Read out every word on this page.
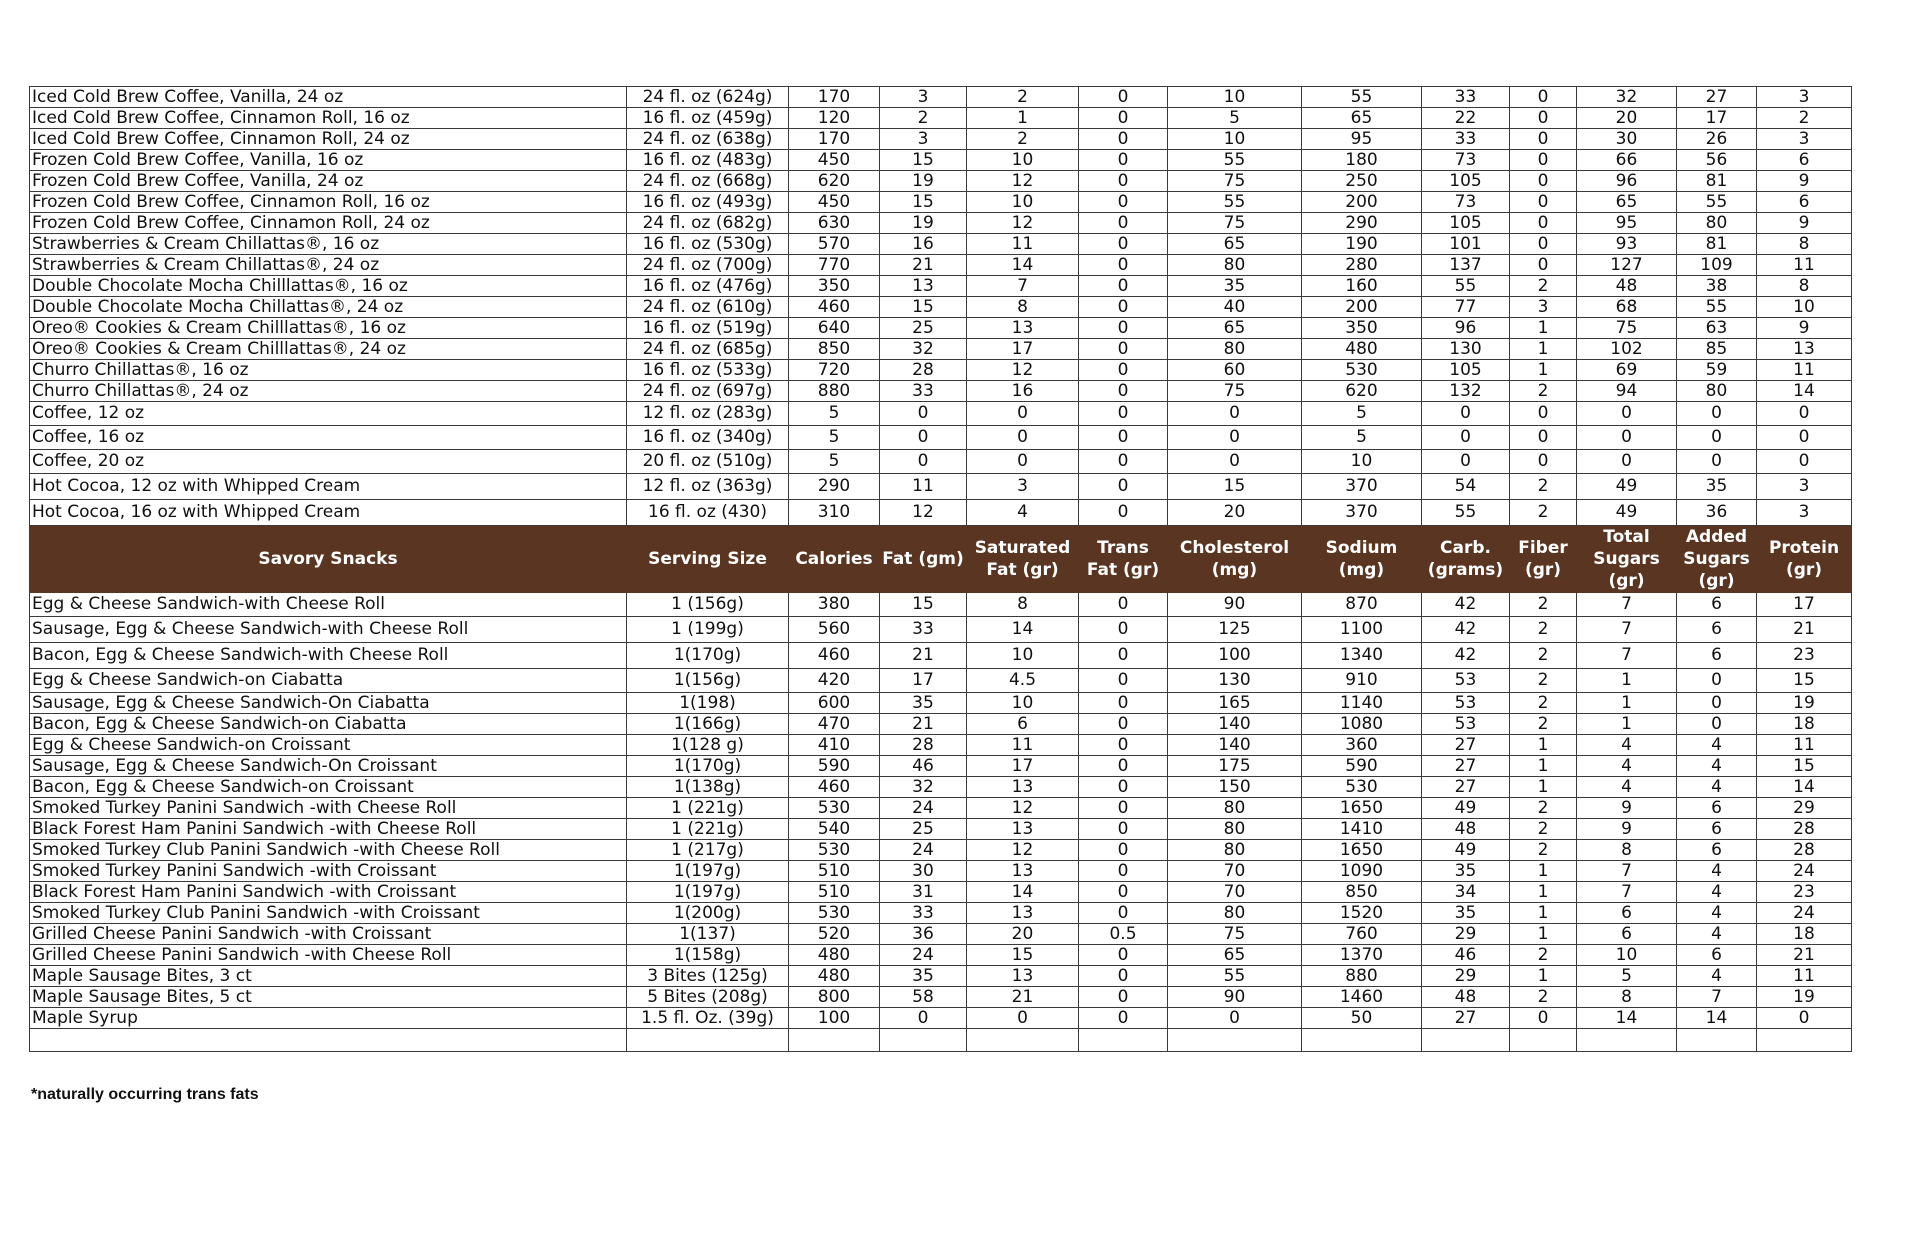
Iced Cold Brew Coffee, Vanilla, 24 oz	24 fl. oz (624g)	170	3	2	0	10	55	33	0	32	27	3
Iced Cold Brew Coffee, Cinnamon Roll, 16 oz	16 fl. oz (459g)	120	2	1	0	5	65	22	0	20	17	2
Iced Cold Brew Coffee, Cinnamon Roll, 24 oz	24 fl. oz (638g)	170	3	2	0	10	95	33	0	30	26	3
Frozen Cold Brew Coffee, Vanilla, 16 oz	16 fl. oz (483g)	450	15	10	0	55	180	73	0	66	56	6
Frozen Cold Brew Coffee, Vanilla, 24 oz	24 fl. oz (668g)	620	19	12	0	75	250	105	0	96	81	9
Frozen Cold Brew Coffee, Cinnamon Roll, 16 oz	16 fl. oz (493g)	450	15	10	0	55	200	73	0	65	55	6
Frozen Cold Brew Coffee, Cinnamon Roll, 24 oz	24 fl. oz (682g)	630	19	12	0	75	290	105	0	95	80	9
Strawberries & Cream Chillattas®, 16 oz	16 fl. oz (530g)	570	16	11	0	65	190	101	0	93	81	8
Strawberries & Cream Chillattas®, 24 oz	24 fl. oz (700g)	770	21	14	0	80	280	137	0	127	109	11
Double Chocolate Mocha Chilllattas®, 16 oz	16 fl. oz (476g)	350	13	7	0	35	160	55	2	48	38	8
Double Chocolate Mocha Chillattas®, 24 oz	24 fl. oz (610g)	460	15	8	0	40	200	77	3	68	55	10
Oreo® Cookies & Cream Chilllattas®, 16 oz	16 fl. oz (519g)	640	25	13	0	65	350	96	1	75	63	9
Oreo® Cookies & Cream Chilllattas®, 24 oz	24 fl. oz (685g)	850	32	17	0	80	480	130	1	102	85	13
Churro Chillattas®, 16 oz	16 fl. oz (533g)	720	28	12	0	60	530	105	1	69	59	11
Churro Chillattas®, 24 oz	24 fl. oz (697g)	880	33	16	0	75	620	132	2	94	80	14
Coffee, 12 oz	12 fl. oz (283g)	5	0	0	0	0	5	0	0	0	0	0
Coffee, 16 oz	16 fl. oz (340g)	5	0	0	0	0	5	0	0	0	0	0
Coffee, 20 oz	20 fl. oz (510g)	5	0	0	0	0	10	0	0	0	0	0
Hot Cocoa, 12 oz with Whipped Cream	12 fl. oz (363g)	290	11	3	0	15	370	54	2	49	35	3
Hot Cocoa, 16 oz with Whipped Cream	16 fl. oz (430)	310	12	4	0	20	370	55	2	49	36	3
Savory Snacks	Serving Size	Calories	Fat (gm)	Saturated Fat (gr)	Trans Fat (gr)	Cholesterol (mg)	Sodium (mg)	Carb. (grams)	Fiber (gr)	Total Sugars (gr)	Added Sugars (gr)	Protein (gr)
Egg & Cheese Sandwich-with Cheese Roll	1 (156g)	380	15	8	0	90	870	42	2	7	6	17
Sausage, Egg & Cheese Sandwich-with Cheese Roll	1 (199g)	560	33	14	0	125	1100	42	2	7	6	21
Bacon, Egg & Cheese Sandwich-with Cheese Roll	1(170g)	460	21	10	0	100	1340	42	2	7	6	23
Egg & Cheese Sandwich-on Ciabatta	1(156g)	420	17	4.5	0	130	910	53	2	1	0	15
Sausage, Egg & Cheese Sandwich-On Ciabatta	1(198)	600	35	10	0	165	1140	53	2	1	0	19
Bacon, Egg & Cheese Sandwich-on Ciabatta	1(166g)	470	21	6	0	140	1080	53	2	1	0	18
Egg & Cheese Sandwich-on Croissant	1(128 g)	410	28	11	0	140	360	27	1	4	4	11
Sausage, Egg & Cheese Sandwich-On Croissant	1(170g)	590	46	17	0	175	590	27	1	4	4	15
Bacon, Egg & Cheese Sandwich-on Croissant	1(138g)	460	32	13	0	150	530	27	1	4	4	14
Smoked Turkey Panini Sandwich -with Cheese Roll	1 (221g)	530	24	12	0	80	1650	49	2	9	6	29
Black Forest Ham Panini Sandwich -with Cheese Roll	1 (221g)	540	25	13	0	80	1410	48	2	9	6	28
Smoked Turkey Club Panini Sandwich -with Cheese Roll	1 (217g)	530	24	12	0	80	1650	49	2	8	6	28
Smoked Turkey Panini Sandwich -with Croissant	1(197g)	510	30	13	0	70	1090	35	1	7	4	24
Black Forest Ham Panini Sandwich -with Croissant	1(197g)	510	31	14	0	70	850	34	1	7	4	23
Smoked Turkey Club Panini Sandwich -with Croissant	1(200g)	530	33	13	0	80	1520	35	1	6	4	24
Grilled Cheese Panini Sandwich -with Croissant	1(137)	520	36	20	0.5	75	760	29	1	6	4	18
Grilled Cheese Panini Sandwich -with Cheese Roll	1(158g)	480	24	15	0	65	1370	46	2	10	6	21
Maple Sausage Bites, 3 ct	3 Bites (125g)	480	35	13	0	55	880	29	1	5	4	11
Maple Sausage Bites, 5 ct	5 Bites (208g)	800	58	21	0	90	1460	48	2	8	7	19
Maple Syrup	1.5 fl. Oz. (39g)	100	0	0	0	0	50	27	0	14	14	0

*naturally occurring trans fats
